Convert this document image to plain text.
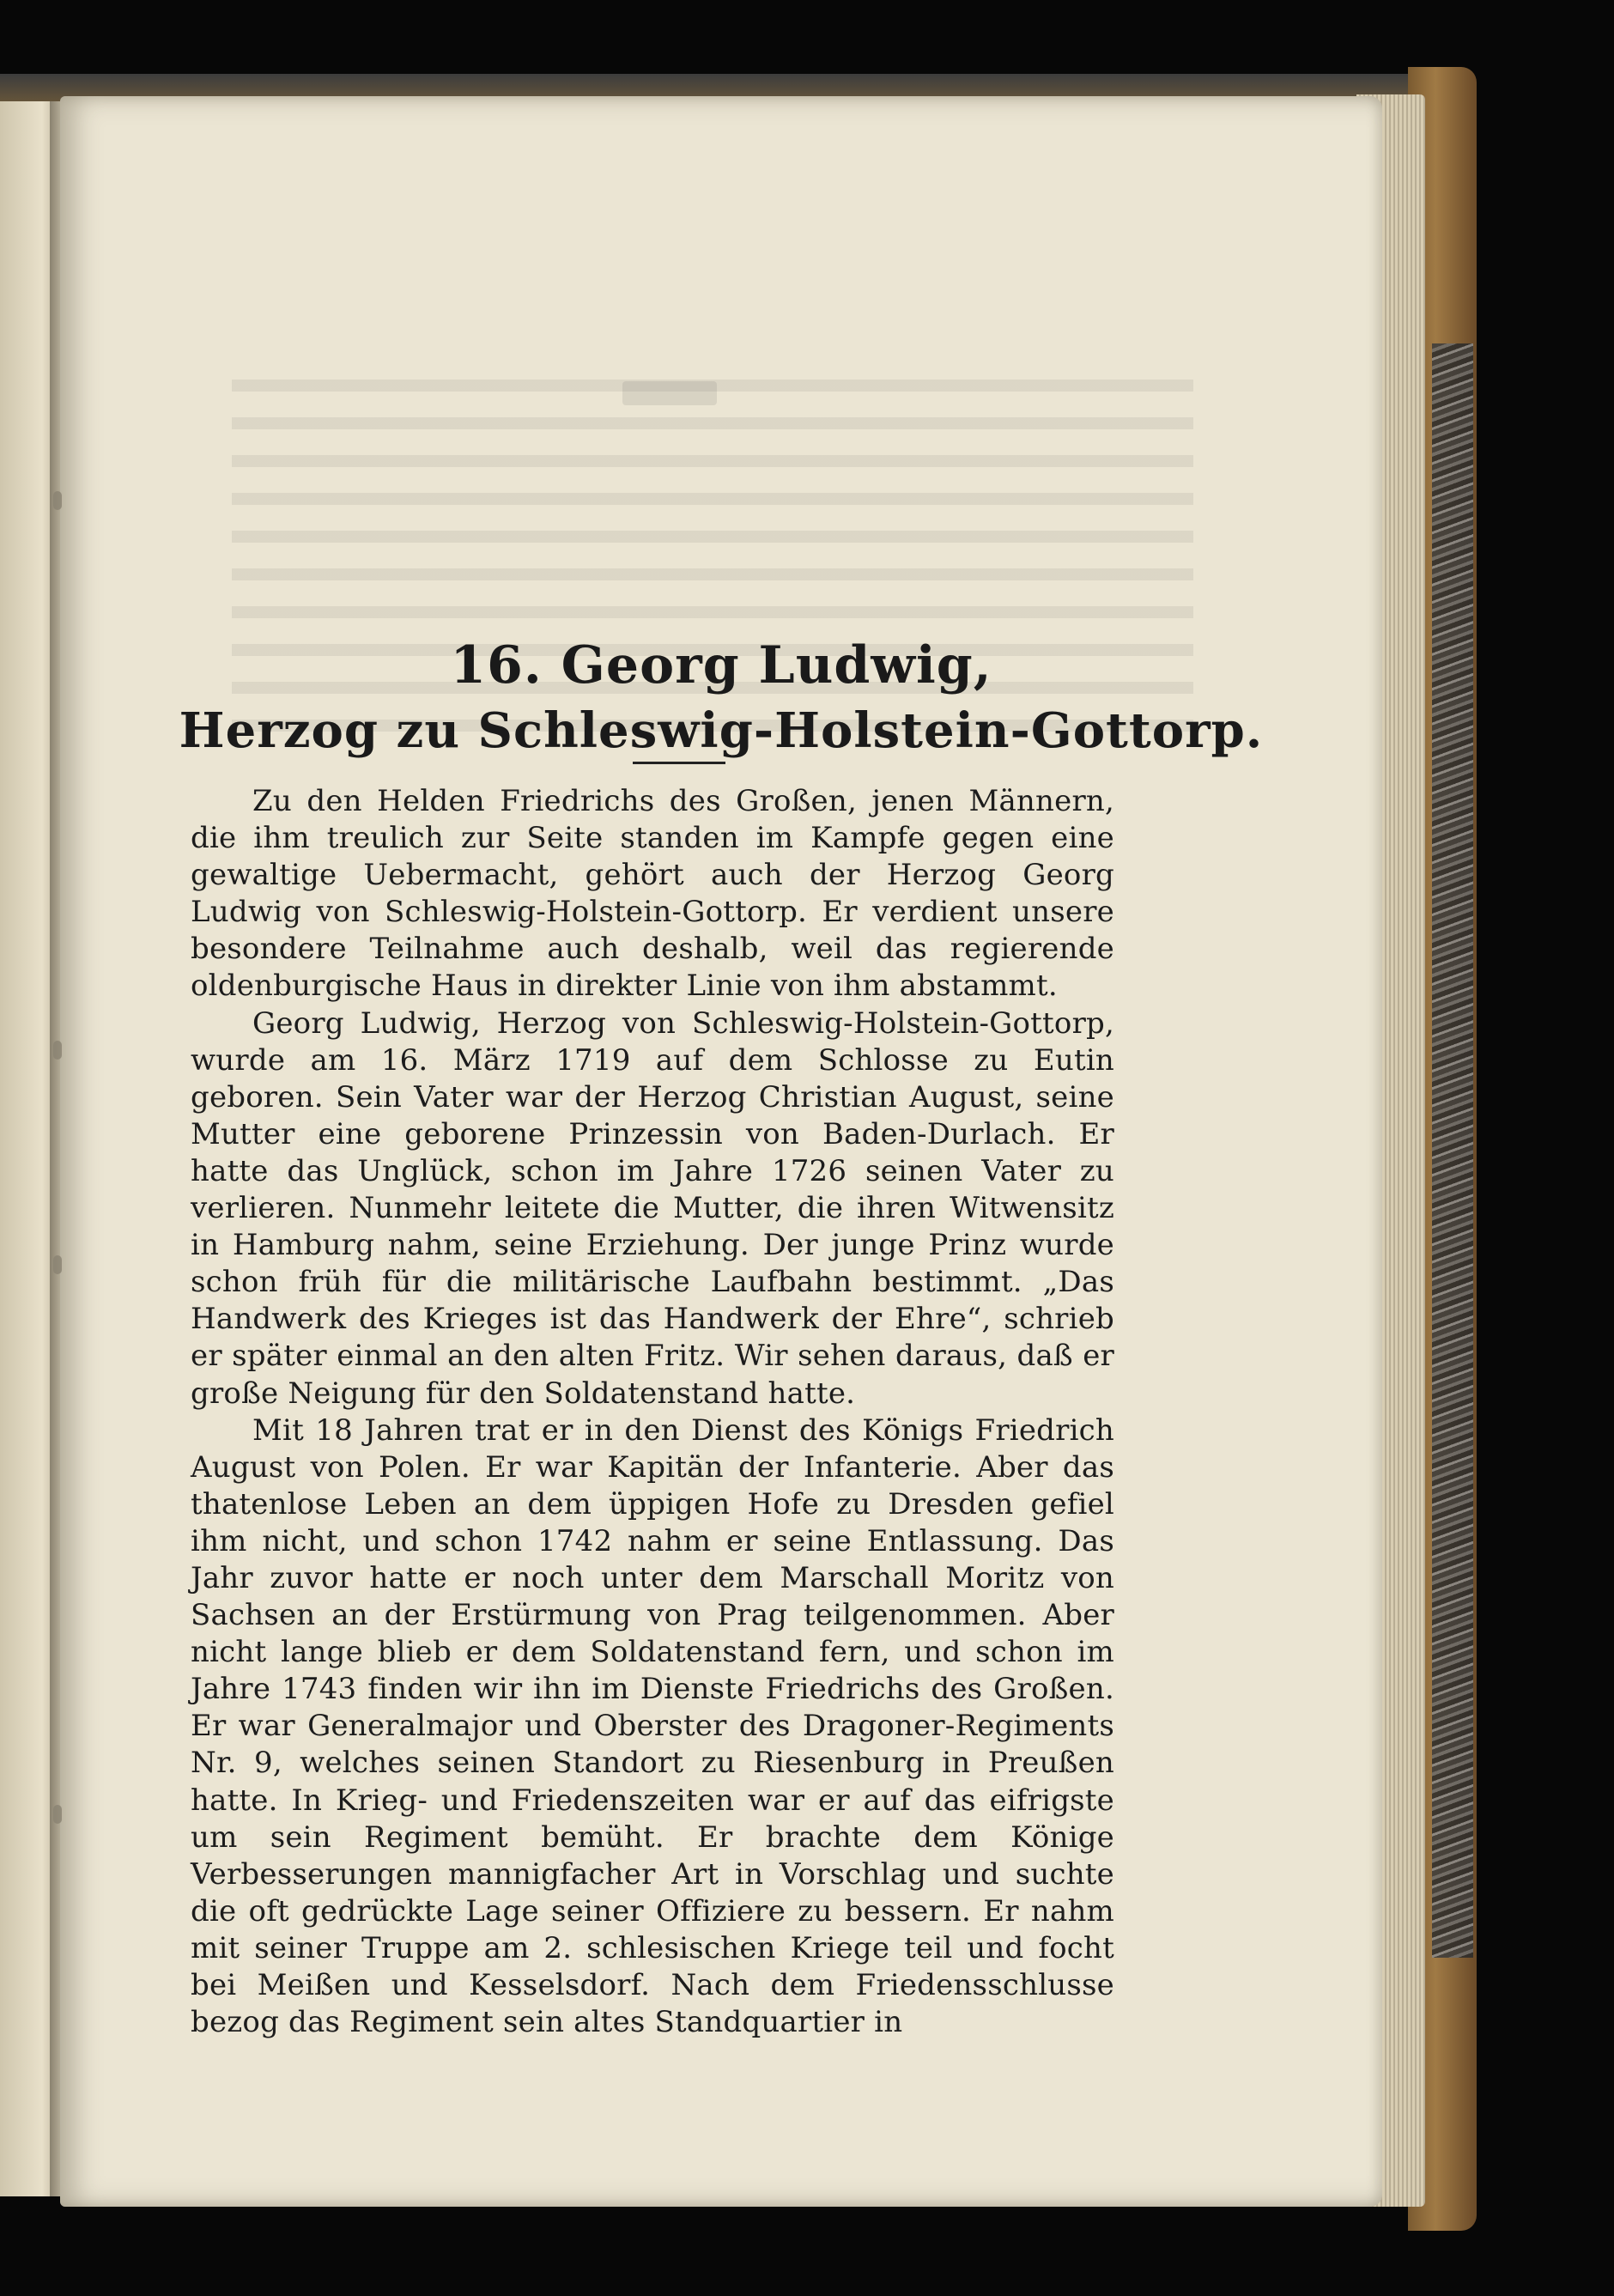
16. Georg Ludwig,
Herzog zu Schleswig-Holstein-Gottorp.

Zu den Helden Friedrichs des Großen, jenen Männern, die ihm treulich zur Seite standen im Kampfe gegen eine gewaltige Uebermacht, gehört auch der Herzog Georg Ludwig von Schleswig-Holstein-Gottorp. Er verdient unsere besondere Teilnahme auch deshalb, weil das regierende oldenburgische Haus in direkter Linie von ihm abstammt.

Georg Ludwig, Herzog von Schleswig-Holstein-Gottorp, wurde am 16. März 1719 auf dem Schlosse zu Eutin geboren. Sein Vater war der Herzog Christian August, seine Mutter eine geborene Prinzessin von Baden-Durlach. Er hatte das Unglück, schon im Jahre 1726 seinen Vater zu verlieren. Nunmehr leitete die Mutter, die ihren Witwensitz in Hamburg nahm, seine Erziehung. Der junge Prinz wurde schon früh für die militärische Laufbahn bestimmt. „Das Handwerk des Krieges ist das Handwerk der Ehre“, schrieb er später einmal an den alten Fritz. Wir sehen daraus, daß er große Neigung für den Soldatenstand hatte.

Mit 18 Jahren trat er in den Dienst des Königs Friedrich August von Polen. Er war Kapitän der Infanterie. Aber das thatenlose Leben an dem üppigen Hofe zu Dresden gefiel ihm nicht, und schon 1742 nahm er seine Entlassung. Das Jahr zuvor hatte er noch unter dem Marschall Moritz von Sachsen an der Erstürmung von Prag teilgenommen. Aber nicht lange blieb er dem Soldatenstand fern, und schon im Jahre 1743 finden wir ihn im Dienste Friedrichs des Großen. Er war Generalmajor und Oberster des Dragoner-Regiments Nr. 9, welches seinen Standort zu Riesenburg in Preußen hatte. In Krieg- und Friedenszeiten war er auf das eifrigste um sein Regiment bemüht. Er brachte dem Könige Verbesserungen mannigfacher Art in Vorschlag und suchte die oft gedrückte Lage seiner Offiziere zu bessern. Er nahm mit seiner Truppe am 2. schlesischen Kriege teil und focht bei Meißen und Kesselsdorf. Nach dem Friedensschlusse bezog das Regiment sein altes Standquartier in
